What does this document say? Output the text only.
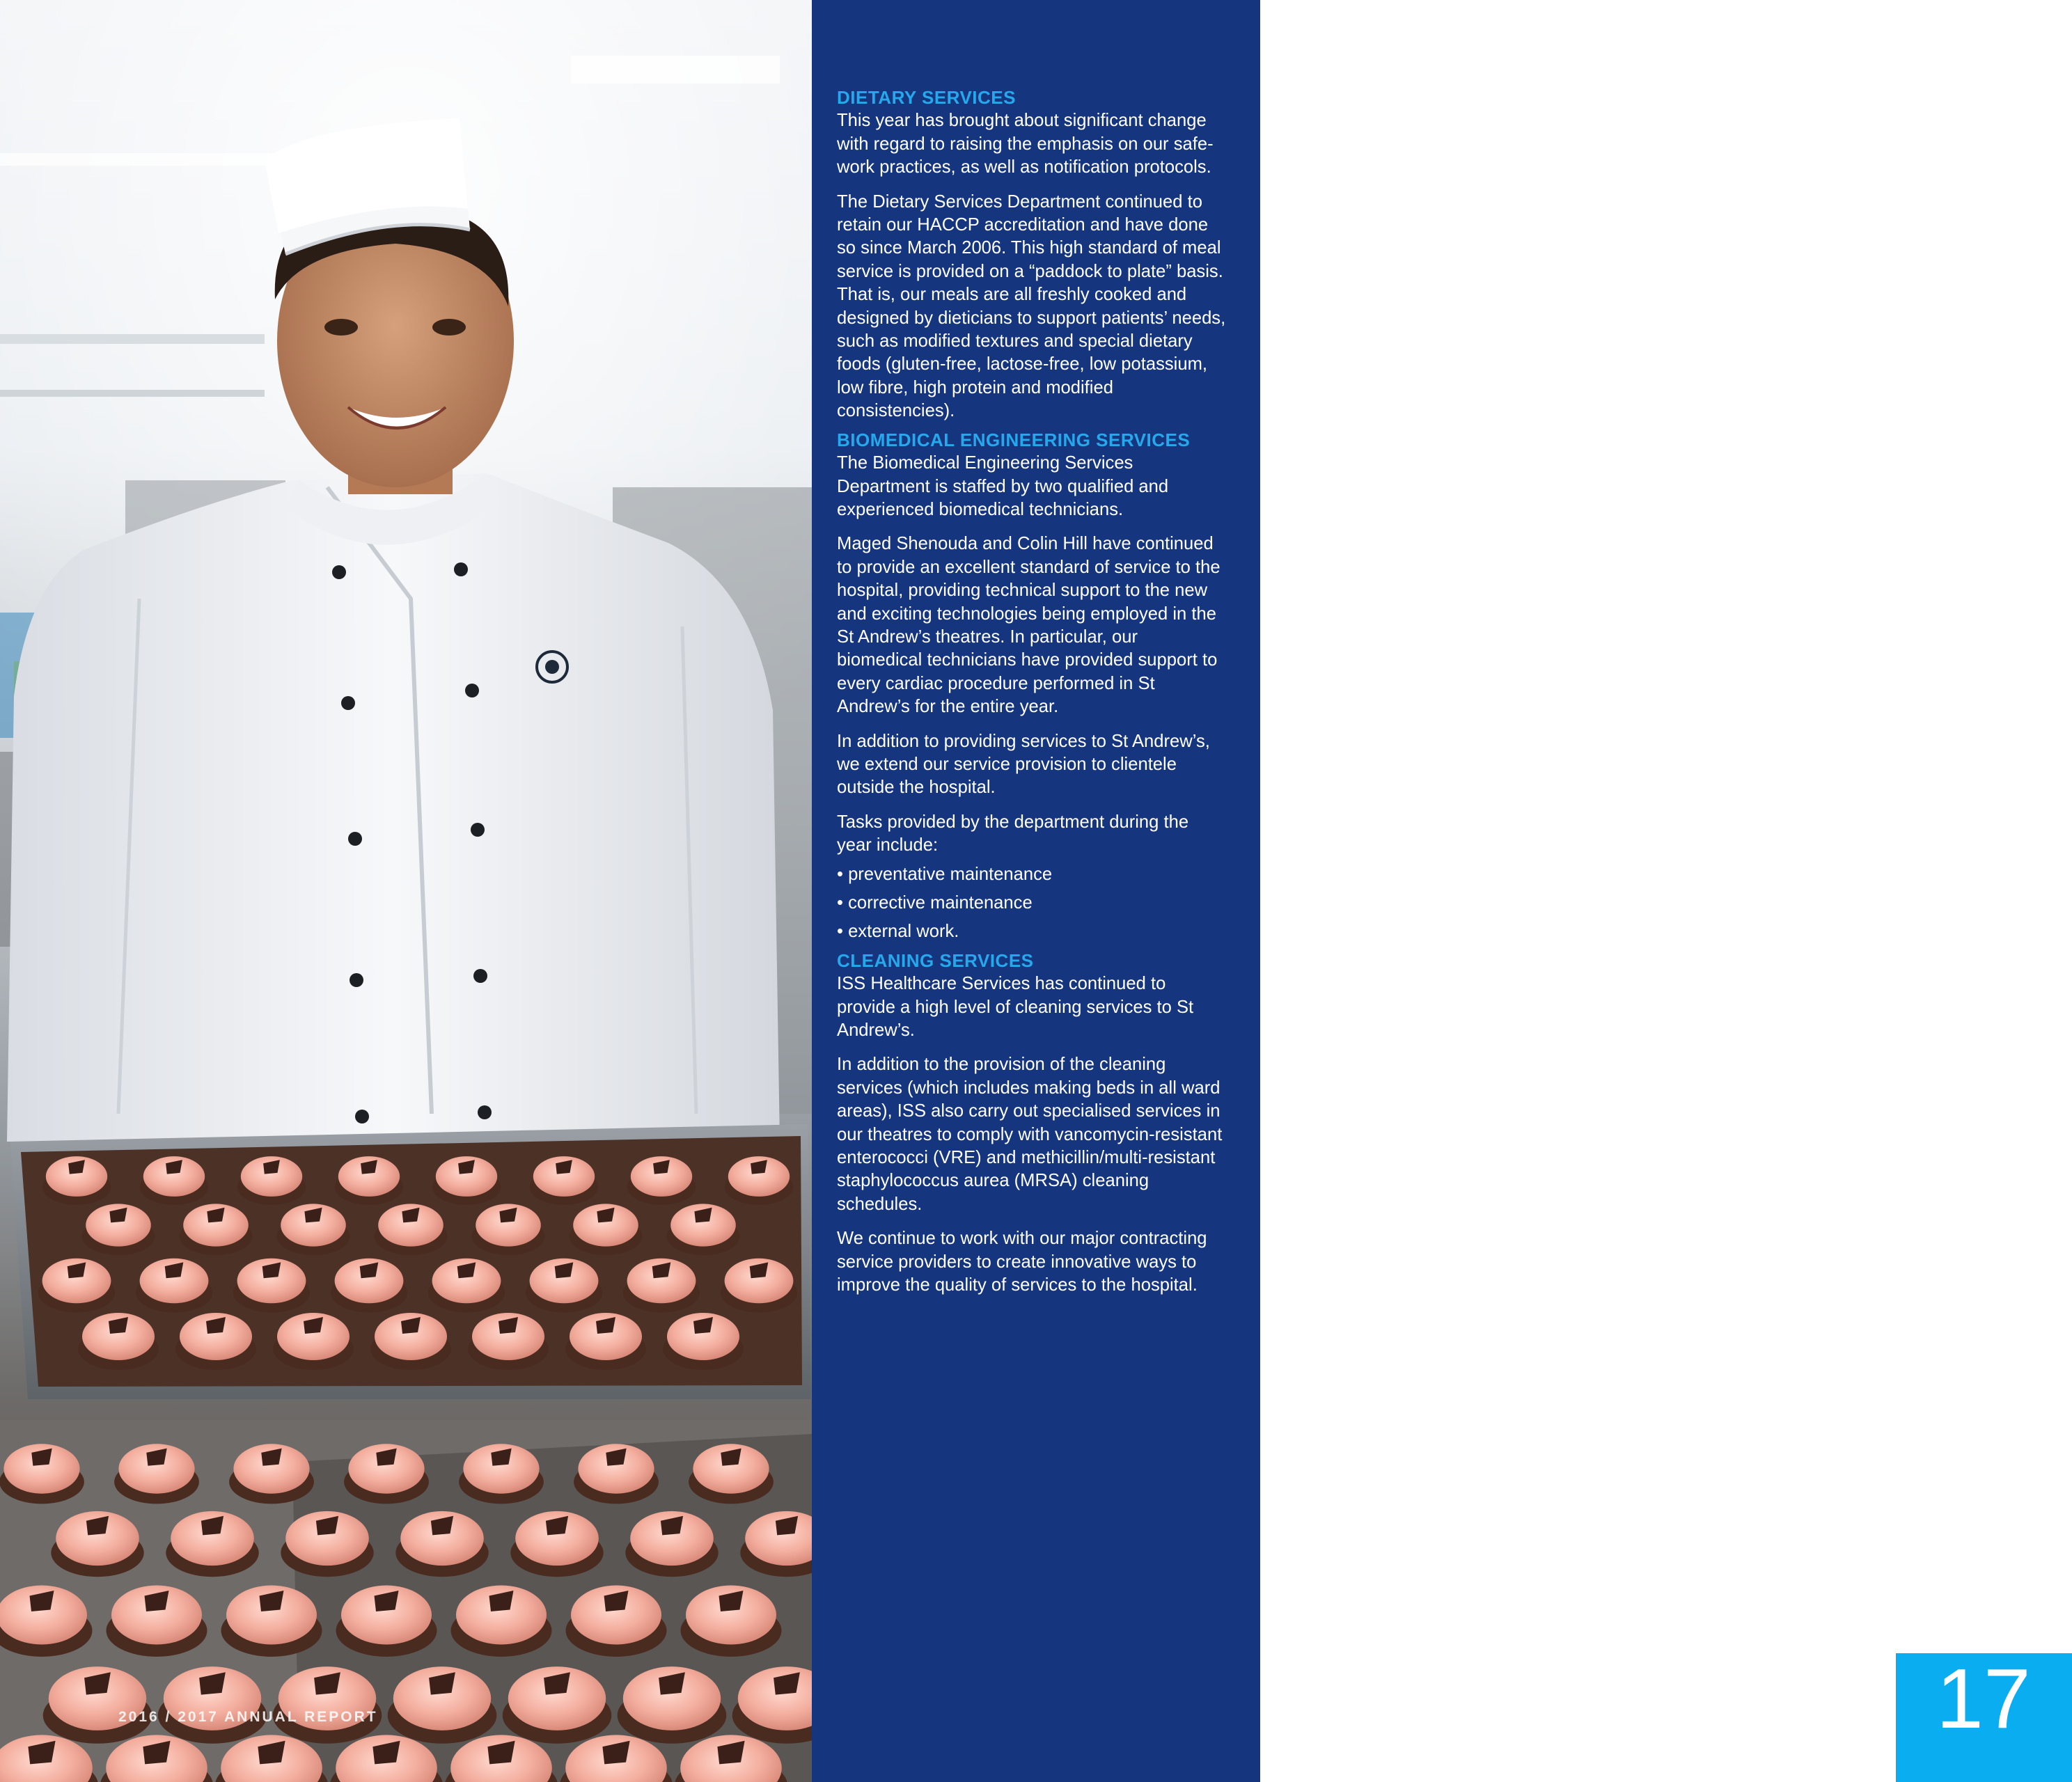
2016 / 2017 ANNUAL REPORT
DIETARY SERVICES

This year has brought about significant change with regard to raising the emphasis on our safe-work practices, as well as notification protocols.

The Dietary Services Department continued to retain our HACCP accreditation and have done so since March 2006. This high standard of meal service is provided on a “paddock to plate” basis. That is, our meals are all freshly cooked and designed by dieticians to support patients’ needs, such as modified textures and special dietary foods (gluten-free, lactose-free, low potassium, low fibre, high protein and modified consistencies).

BIOMEDICAL ENGINEERING SERVICES

The Biomedical Engineering Services Department is staffed by two qualified and experienced biomedical technicians.

Maged Shenouda and Colin Hill have continued to provide an excellent standard of service to the hospital, providing technical support to the new and exciting technologies being employed in the St Andrew’s theatres. In particular, our biomedical technicians have provided support to every cardiac procedure performed in St Andrew’s for the entire year.

In addition to providing services to St Andrew’s, we extend our service provision to clientele outside the hospital.

Tasks provided by the department during the year include:

• preventative maintenance
• corrective maintenance
• external work.
CLEANING SERVICES

ISS Healthcare Services has continued to provide a high level of cleaning services to St Andrew’s.

In addition to the provision of the cleaning services (which includes making beds in all ward areas), ISS also carry out specialised services in our theatres to comply with vancomycin-resistant enterococci (VRE) and methicillin/multi-resistant staphylococcus aurea (MRSA) cleaning schedules.

We continue to work with our major contracting service providers to create innovative ways to improve the quality of services to the hospital.

17
